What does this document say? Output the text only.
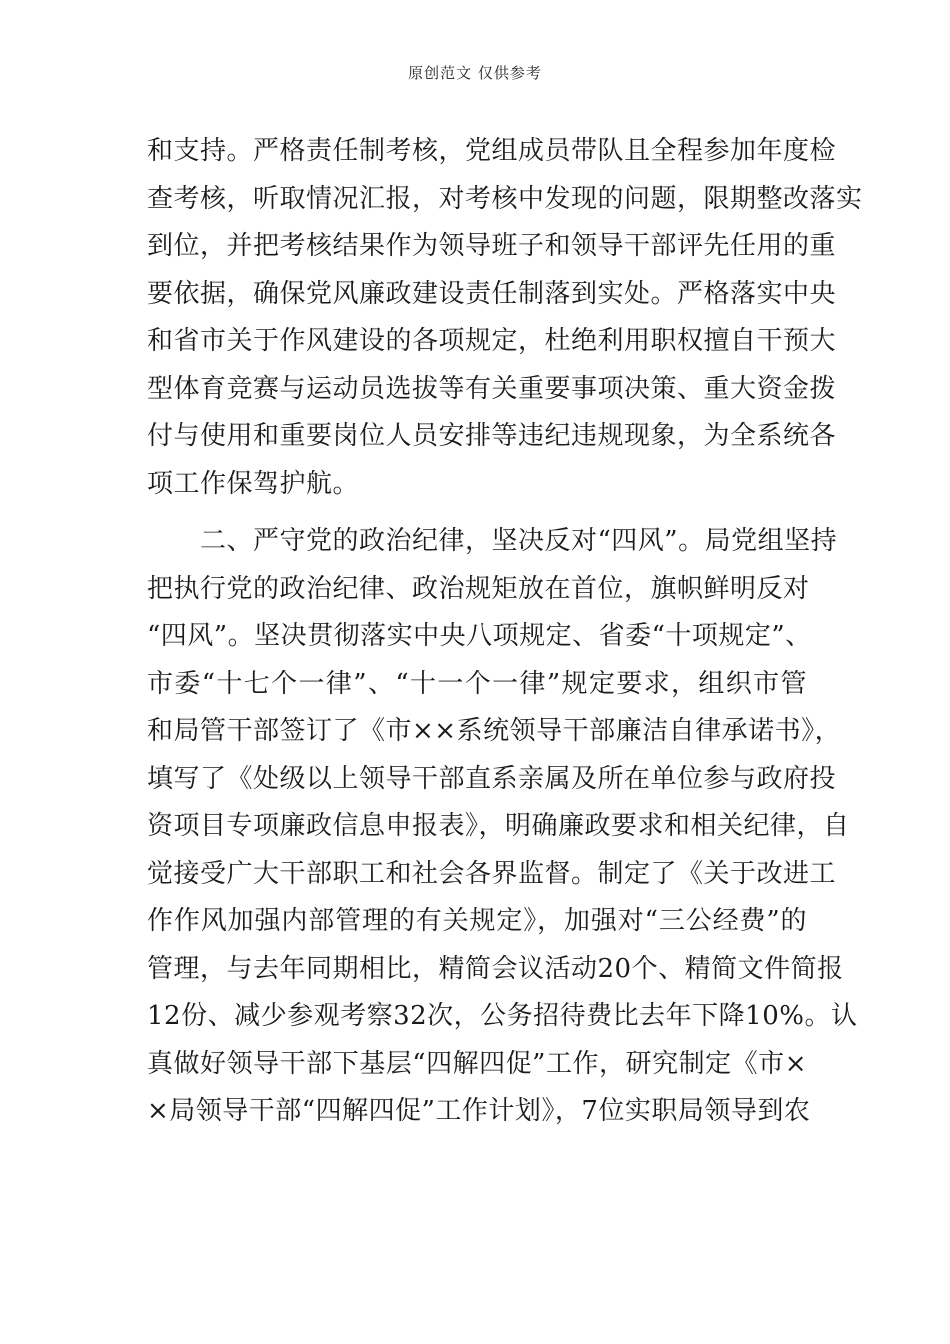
原创范文 仅供参考
和支持。严格责任制考核，党组成员带队且全程参加年度检
查考核，听取情况汇报，对考核中发现的问题，限期整改落实
到位，并把考核结果作为领导班子和领导干部评先任用的重
要依据，确保党风廉政建设责任制落到实处。严格落实中央
和省市关于作风建设的各项规定，杜绝利用职权擅自干预大
型体育竞赛与运动员选拔等有关重要事项决策、重大资金拨
付与使用和重要岗位人员安排等违纪违规现象，为全系统各
项工作保驾护航。
　　二、严守党的政治纪律，坚决反对“四风”。局党组坚持
把执行党的政治纪律、政治规矩放在首位，旗帜鲜明反对
“四风”。坚决贯彻落实中央八项规定、省委“十项规定”、
市委“十七个一律”、“十一个一律”规定要求，组织市管
和局管干部签订了《市××系统领导干部廉洁自律承诺书》，
填写了《处级以上领导干部直系亲属及所在单位参与政府投
资项目专项廉政信息申报表》，明确廉政要求和相关纪律，自
觉接受广大干部职工和社会各界监督。制定了《关于改进工
作作风加强内部管理的有关规定》，加强对“三公经费”的
管理，与去年同期相比，精简会议活动20个、精简文件简报
12份、减少参观考察32次，公务招待费比去年下降10%。认
真做好领导干部下基层“四解四促”工作，研究制定《市×
×局领导干部“四解四促”工作计划》，7位实职局领导到农
